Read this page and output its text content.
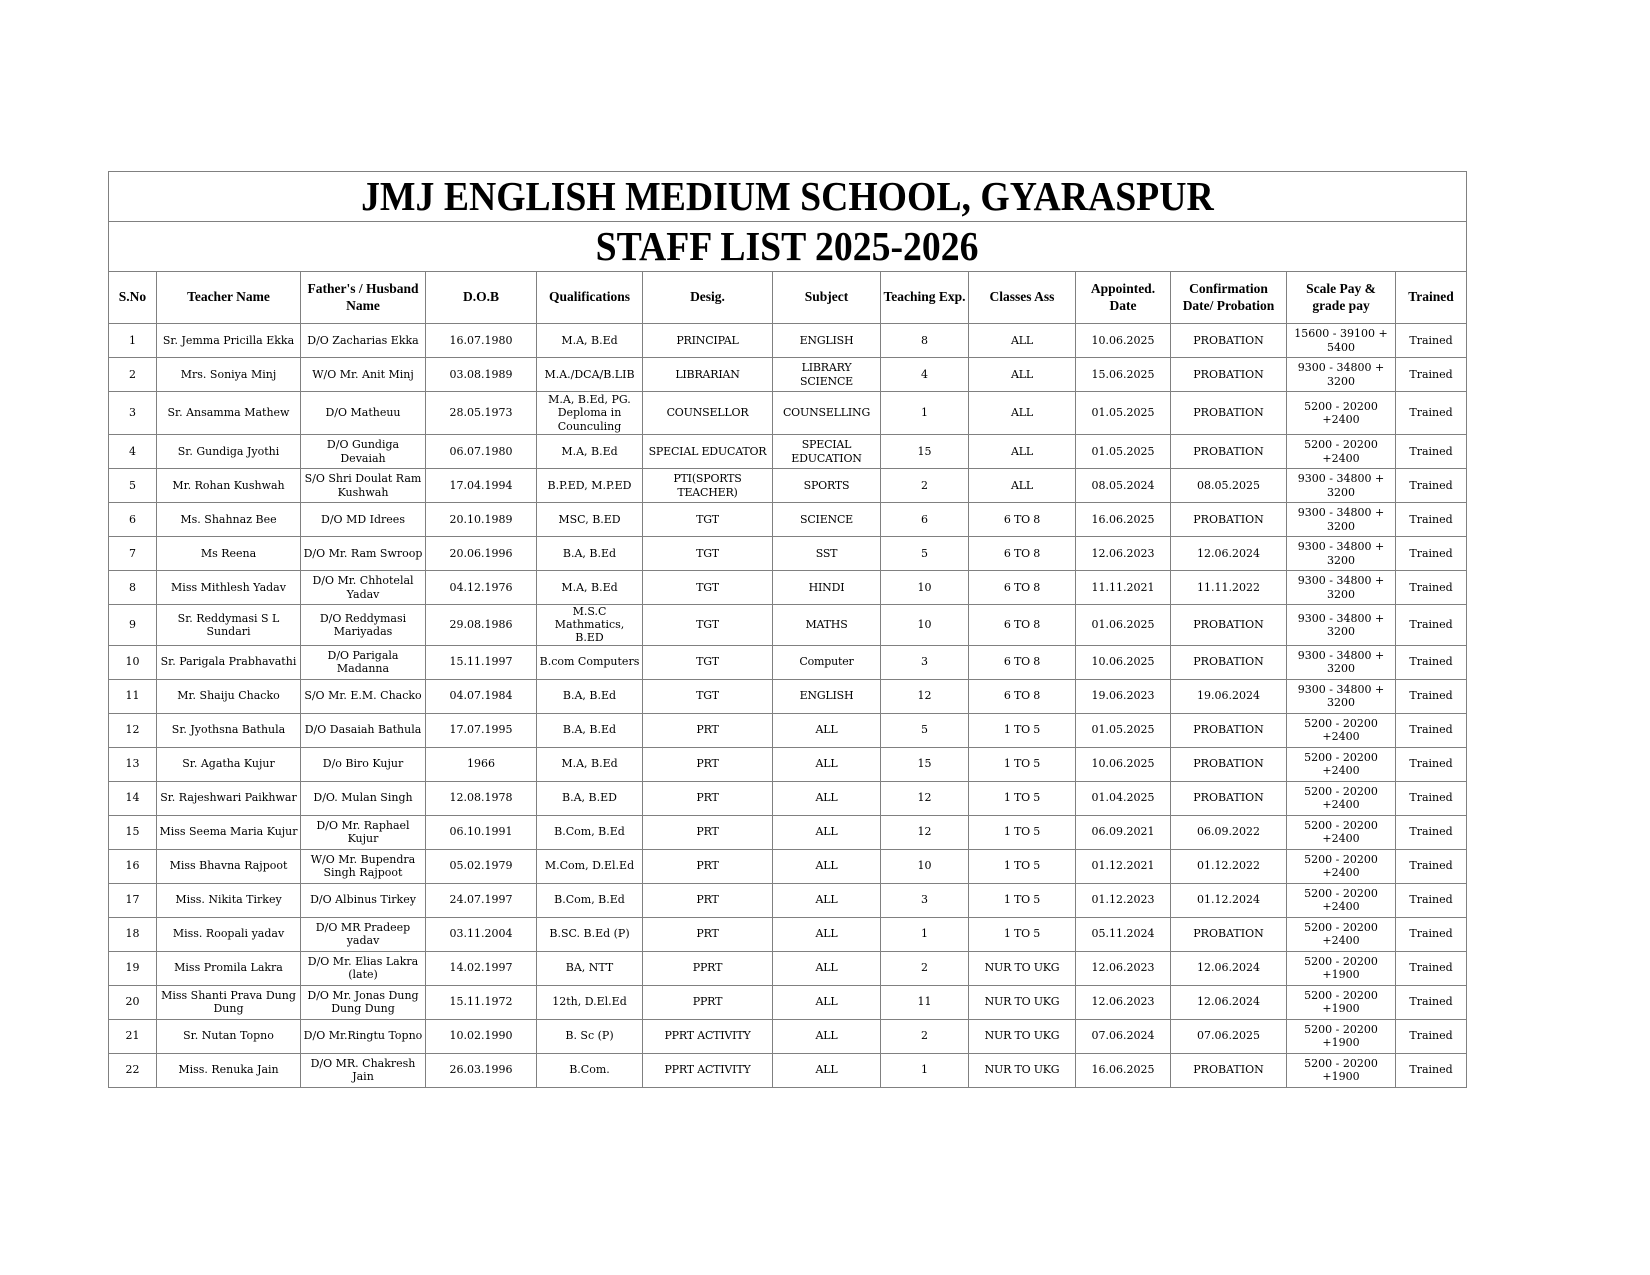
JMJ ENGLISH MEDIUM SCHOOL, GYARASPUR												
STAFF LIST 2025-2026												
S.No	Teacher Name	Father's / Husband Name	D.O.B	Qualifications	Desig.	Subject	Teaching Exp.	Classes Ass	Appointed. Date	Confirmation Date/ Probation	Scale Pay & grade pay	Trained
1	Sr. Jemma Pricilla Ekka	D/O Zacharias Ekka	16.07.1980	M.A, B.Ed	PRINCIPAL	ENGLISH	8	ALL	10.06.2025	PROBATION	15600 - 39100 + 5400	Trained
2	Mrs. Soniya Minj	W/O Mr. Anit Minj	03.08.1989	M.A./DCA/B.LIB	LIBRARIAN	LIBRARY SCIENCE	4	ALL	15.06.2025	PROBATION	9300 - 34800 + 3200	Trained
3	Sr. Ansamma Mathew	D/O Matheuu	28.05.1973	M.A, B.Ed, PG. Deploma in Counculing	COUNSELLOR	COUNSELLING	1	ALL	01.05.2025	PROBATION	5200 - 20200 +2400	Trained
4	Sr. Gundiga Jyothi	D/O Gundiga Devaiah	06.07.1980	M.A, B.Ed	SPECIAL EDUCATOR	SPECIAL EDUCATION	15	ALL	01.05.2025	PROBATION	5200 - 20200 +2400	Trained
5	Mr. Rohan Kushwah	S/O Shri Doulat Ram Kushwah	17.04.1994	B.P.ED, M.P.ED	PTI(SPORTS TEACHER)	SPORTS	2	ALL	08.05.2024	08.05.2025	9300 - 34800 + 3200	Trained
6	Ms. Shahnaz Bee	D/O MD Idrees	20.10.1989	MSC, B.ED	TGT	SCIENCE	6	6 TO 8	16.06.2025	PROBATION	9300 - 34800 + 3200	Trained
7	Ms Reena	D/O Mr. Ram Swroop	20.06.1996	B.A, B.Ed	TGT	SST	5	6 TO 8	12.06.2023	12.06.2024	9300 - 34800 + 3200	Trained
8	Miss Mithlesh Yadav	D/O Mr. Chhotelal Yadav	04.12.1976	M.A, B.Ed	TGT	HINDI	10	6 TO 8	11.11.2021	11.11.2022	9300 - 34800 + 3200	Trained
9	Sr. Reddymasi S L Sundari	D/O Reddymasi Mariyadas	29.08.1986	M.S.C Mathmatics, B.ED	TGT	MATHS	10	6 TO 8	01.06.2025	PROBATION	9300 - 34800 + 3200	Trained
10	Sr. Parigala Prabhavathi	D/O Parigala Madanna	15.11.1997	B.com Computers	TGT	Computer	3	6 TO 8	10.06.2025	PROBATION	9300 - 34800 + 3200	Trained
11	Mr. Shaiju Chacko	S/O Mr. E.M. Chacko	04.07.1984	B.A, B.Ed	TGT	ENGLISH	12	6 TO 8	19.06.2023	19.06.2024	9300 - 34800 + 3200	Trained
12	Sr. Jyothsna Bathula	D/O Dasaiah Bathula	17.07.1995	B.A, B.Ed	PRT	ALL	5	1 TO 5	01.05.2025	PROBATION	5200 - 20200 +2400	Trained
13	Sr. Agatha Kujur	D/o Biro Kujur	1966	M.A, B.Ed	PRT	ALL	15	1 TO 5	10.06.2025	PROBATION	5200 - 20200 +2400	Trained
14	Sr. Rajeshwari Paikhwar	D/O. Mulan Singh	12.08.1978	B.A, B.ED	PRT	ALL	12	1 TO 5	01.04.2025	PROBATION	5200 - 20200 +2400	Trained
15	Miss Seema Maria Kujur	D/O Mr. Raphael Kujur	06.10.1991	B.Com, B.Ed	PRT	ALL	12	1 TO 5	06.09.2021	06.09.2022	5200 - 20200 +2400	Trained
16	Miss Bhavna Rajpoot	W/O Mr. Bupendra Singh Rajpoot	05.02.1979	M.Com, D.El.Ed	PRT	ALL	10	1 TO 5	01.12.2021	01.12.2022	5200 - 20200 +2400	Trained
17	Miss. Nikita Tirkey	D/O Albinus Tirkey	24.07.1997	B.Com, B.Ed	PRT	ALL	3	1 TO 5	01.12.2023	01.12.2024	5200 - 20200 +2400	Trained
18	Miss. Roopali yadav	D/O MR Pradeep yadav	03.11.2004	B.SC. B.Ed (P)	PRT	ALL	1	1 TO 5	05.11.2024	PROBATION	5200 - 20200 +2400	Trained
19	Miss Promila Lakra	D/O Mr. Elias Lakra (late)	14.02.1997	BA, NTT	PPRT	ALL	2	NUR TO UKG	12.06.2023	12.06.2024	5200 - 20200 +1900	Trained
20	Miss Shanti Prava Dung Dung	D/O Mr. Jonas Dung Dung Dung	15.11.1972	12th, D.El.Ed	PPRT	ALL	11	NUR TO UKG	12.06.2023	12.06.2024	5200 - 20200 +1900	Trained
21	Sr. Nutan Topno	D/O Mr.Ringtu Topno	10.02.1990	B. Sc (P)	PPRT ACTIVITY	ALL	2	NUR TO UKG	07.06.2024	07.06.2025	5200 - 20200 +1900	Trained
22	Miss. Renuka Jain	D/O MR. Chakresh Jain	26.03.1996	B.Com.	PPRT ACTIVITY	ALL	1	NUR TO UKG	16.06.2025	PROBATION	5200 - 20200 +1900	Trained
